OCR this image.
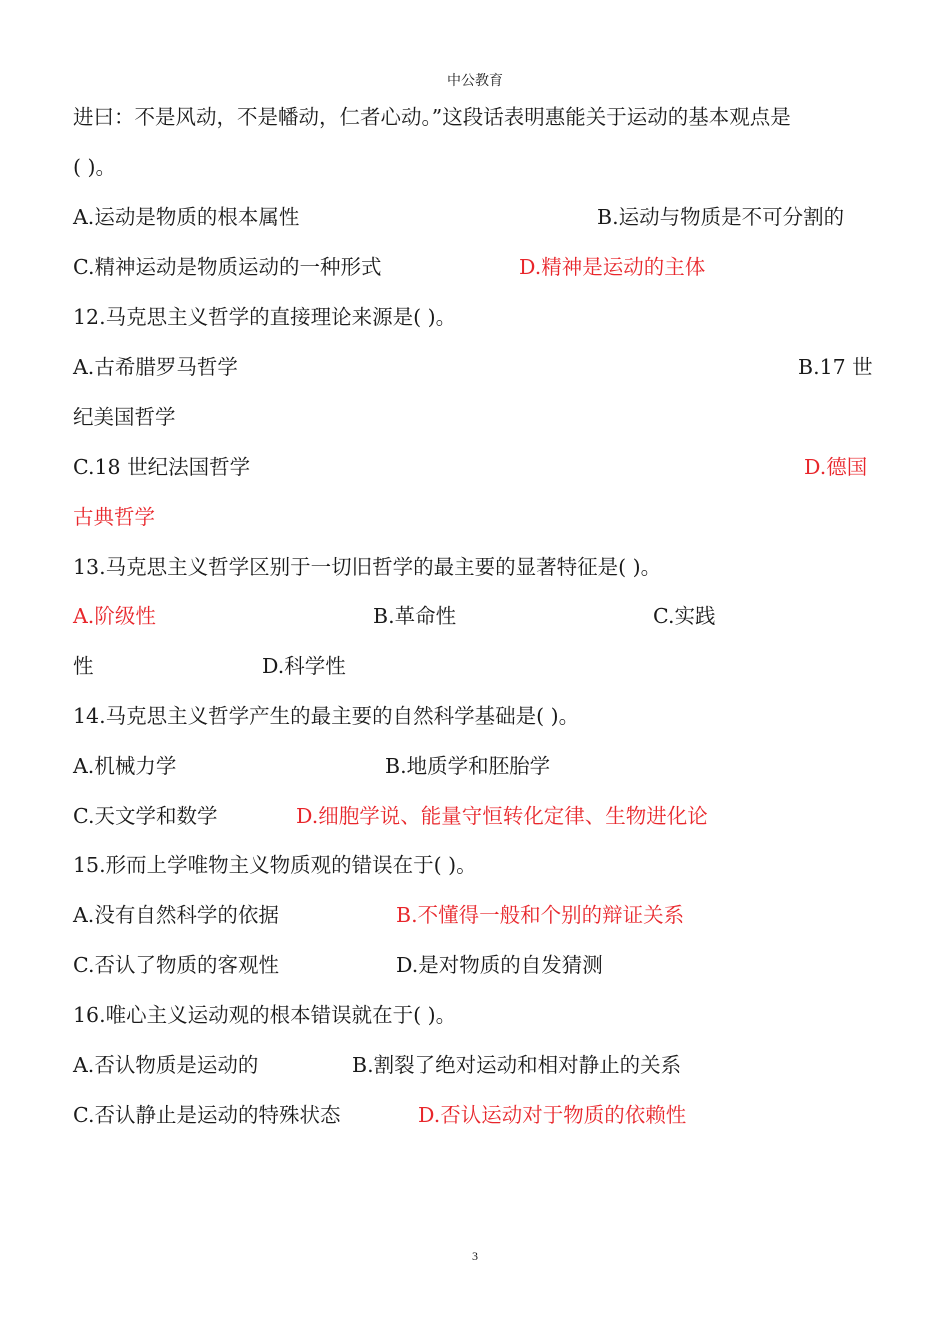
中公教育
进曰：不是风动，不是幡动，仁者心动。”这段话表明惠能关于运动的基本观点是
( )。
A.运动是物质的根本属性	B.运动与物质是不可分割的
C.精神运动是物质运动的一种形式	D.精神是运动的主体
12.马克思主义哲学的直接理论来源是( )。
A.古希腊罗马哲学	B.17 世
纪美国哲学
C.18 世纪法国哲学	D.德国
古典哲学
13.马克思主义哲学区别于一切旧哲学的最主要的显著特征是( )。
A.阶级性	B.革命性	C.实践
性	D.科学性
14.马克思主义哲学产生的最主要的自然科学基础是( )。
A.机械力学	B.地质学和胚胎学
C.天文学和数学	D.细胞学说、能量守恒转化定律、生物进化论
15.形而上学唯物主义物质观的错误在于( )。
A.没有自然科学的依据	B.不懂得一般和个别的辩证关系
C.否认了物质的客观性	D.是对物质的自发猜测
16.唯心主义运动观的根本错误就在于( )。
A.否认物质是运动的	B.割裂了绝对运动和相对静止的关系
C.否认静止是运动的特殊状态	D.否认运动对于物质的依赖性
3
